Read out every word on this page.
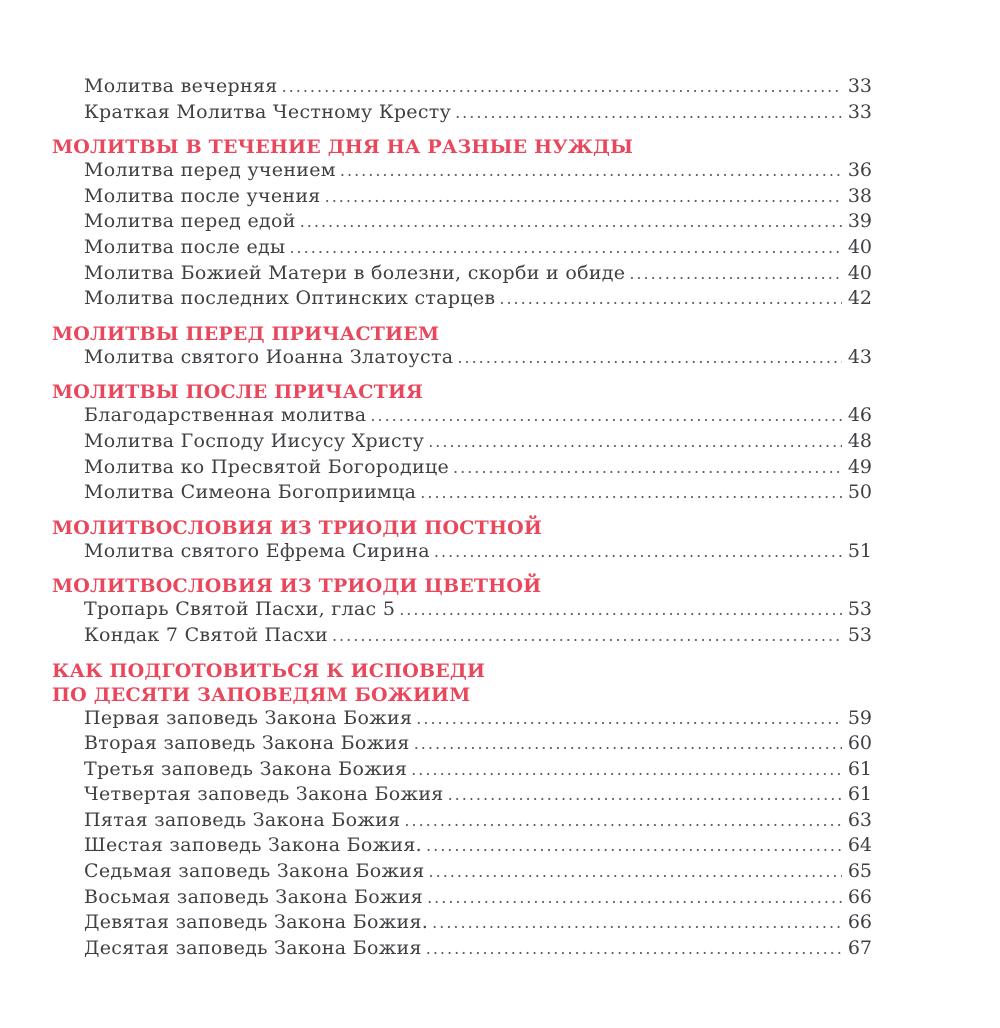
Молитва вечерняя .....	33
Краткая Молитва Честному Кресту .....	33
МОЛИТВЫ В ТЕЧЕНИЕ ДНЯ НА РАЗНЫЕ НУЖДЫ
Молитва перед учением .....	36
Молитва после учения .....	38
Молитва перед едой .....	39
Молитва после еды .....	40
Молитва Божией Матери в болезни, скорби и обиде .....	40
Молитва последних Оптинских старцев .....	42
МОЛИТВЫ ПЕРЕД ПРИЧАСТИЕМ
Молитва святого Иоанна Златоуста .....	43
МОЛИТВЫ ПОСЛЕ ПРИЧАСТИЯ
Благодарственная молитва .....	46
Молитва Господу Иисусу Христу .....	48
Молитва ко Пресвятой Богородице .....	49
Молитва Симеона Богоприимца .....	50
МОЛИТВОСЛОВИЯ ИЗ ТРИОДИ ПОСТНОЙ
Молитва святого Ефрема Сирина .....	51
МОЛИТВОСЛОВИЯ ИЗ ТРИОДИ ЦВЕТНОЙ
Тропарь Святой Пасхи, глас 5 .....	53
Кондак 7 Святой Пасхи .....	53
КАК ПОДГОТОВИТЬСЯ К ИСПОВЕДИ
ПО ДЕСЯТИ ЗАПОВЕДЯМ БОЖИИМ
Первая заповедь Закона Божия .....	59
Вторая заповедь Закона Божия .....	60
Третья заповедь Закона Божия .....	61
Четвертая заповедь Закона Божия .....	61
Пятая заповедь Закона Божия .....	63
Шестая заповедь Закона Божия. .....	64
Седьмая заповедь Закона Божия .....	65
Восьмая заповедь Закона Божия .....	66
Девятая заповедь Закона Божия. .....	66
Десятая заповедь Закона Божия .....	67
